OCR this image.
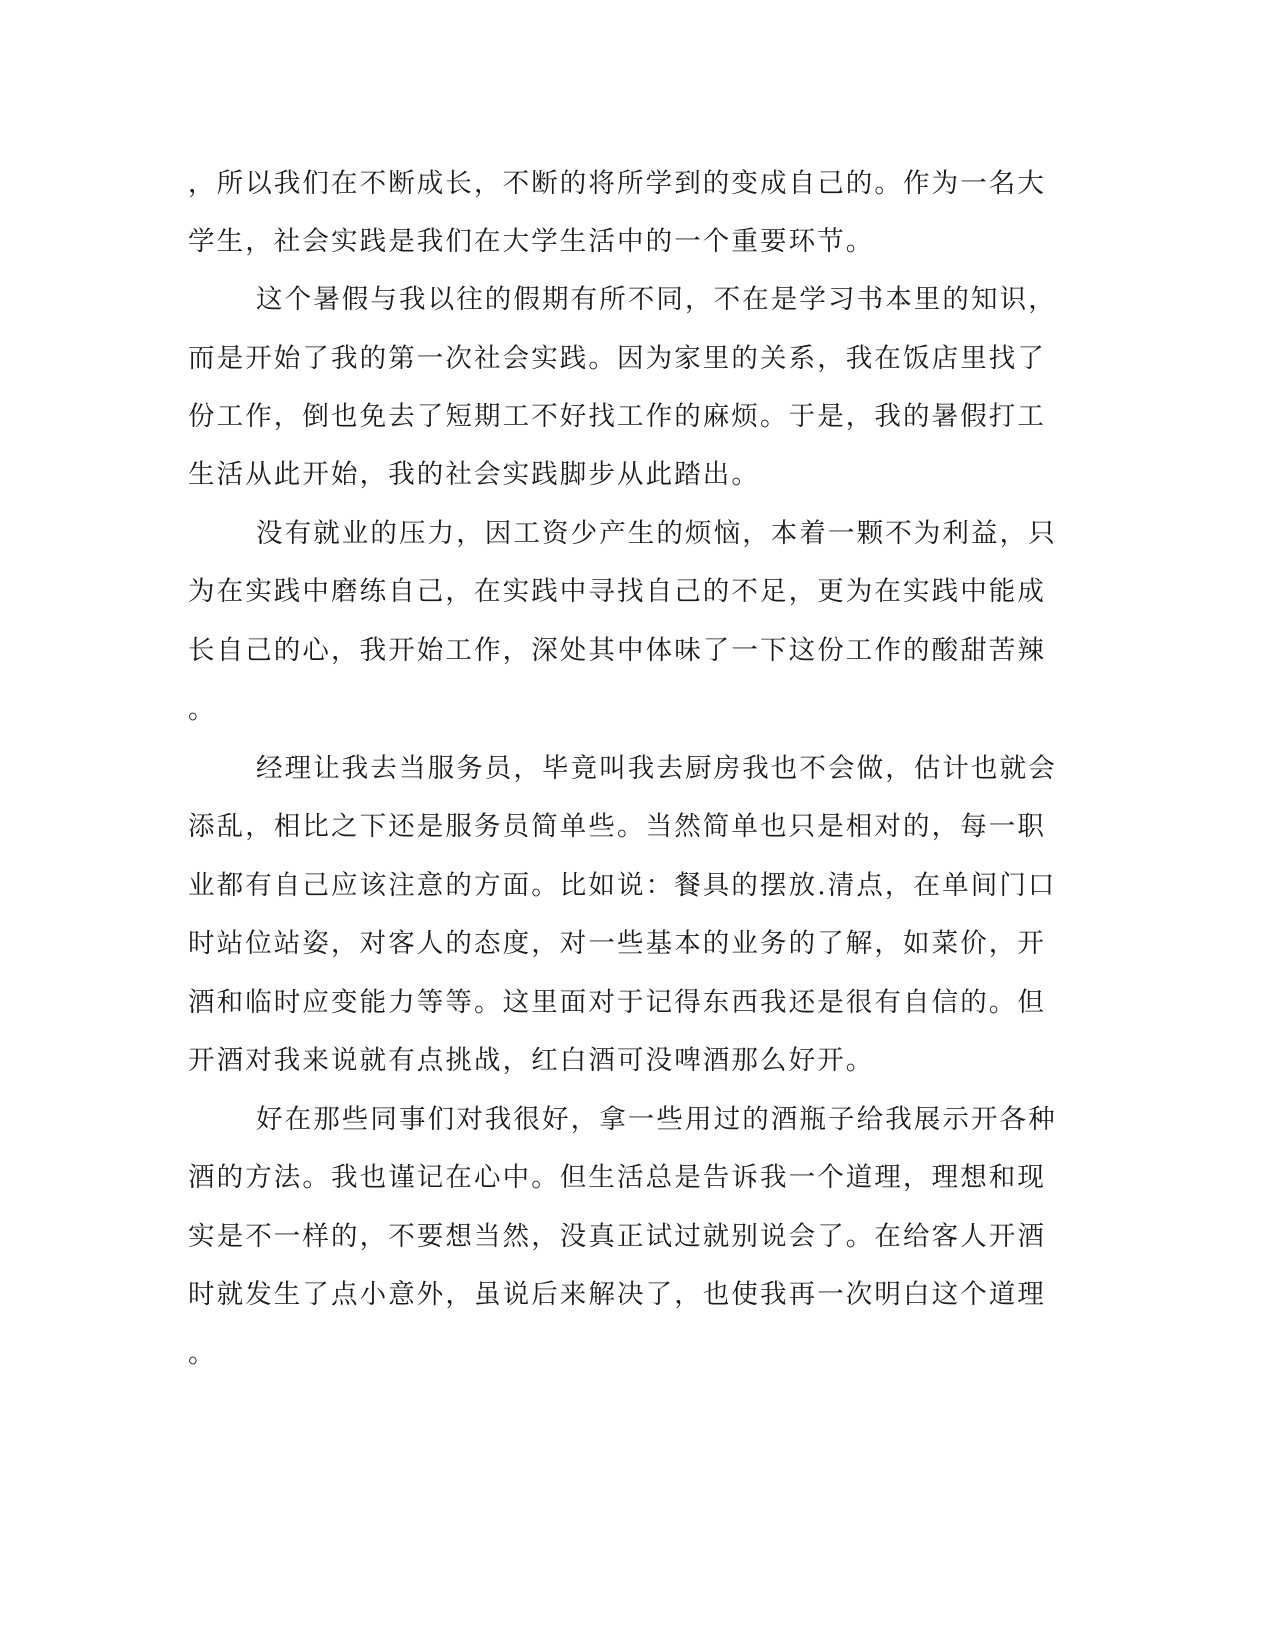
，所以我们在不断成长，不断的将所学到的变成自己的。作为一名大
学生，社会实践是我们在大学生活中的一个重要环节。
这个暑假与我以往的假期有所不同，不在是学习书本里的知识，
而是开始了我的第一次社会实践。因为家里的关系，我在饭店里找了
份工作，倒也免去了短期工不好找工作的麻烦。于是，我的暑假打工
生活从此开始，我的社会实践脚步从此踏出。
没有就业的压力，因工资少产生的烦恼，本着一颗不为利益，只
为在实践中磨练自己，在实践中寻找自己的不足，更为在实践中能成
长自己的心，我开始工作，深处其中体味了一下这份工作的酸甜苦辣
。
经理让我去当服务员，毕竟叫我去厨房我也不会做，估计也就会
添乱，相比之下还是服务员简单些。当然简单也只是相对的，每一职
业都有自己应该注意的方面。比如说：餐具的摆放.清点，在单间门口
时站位站姿，对客人的态度，对一些基本的业务的了解，如菜价，开
酒和临时应变能力等等。这里面对于记得东西我还是很有自信的。但
开酒对我来说就有点挑战，红白酒可没啤酒那么好开。
好在那些同事们对我很好，拿一些用过的酒瓶子给我展示开各种
酒的方法。我也谨记在心中。但生活总是告诉我一个道理，理想和现
实是不一样的，不要想当然，没真正试过就别说会了。在给客人开酒
时就发生了点小意外，虽说后来解决了，也使我再一次明白这个道理
。
